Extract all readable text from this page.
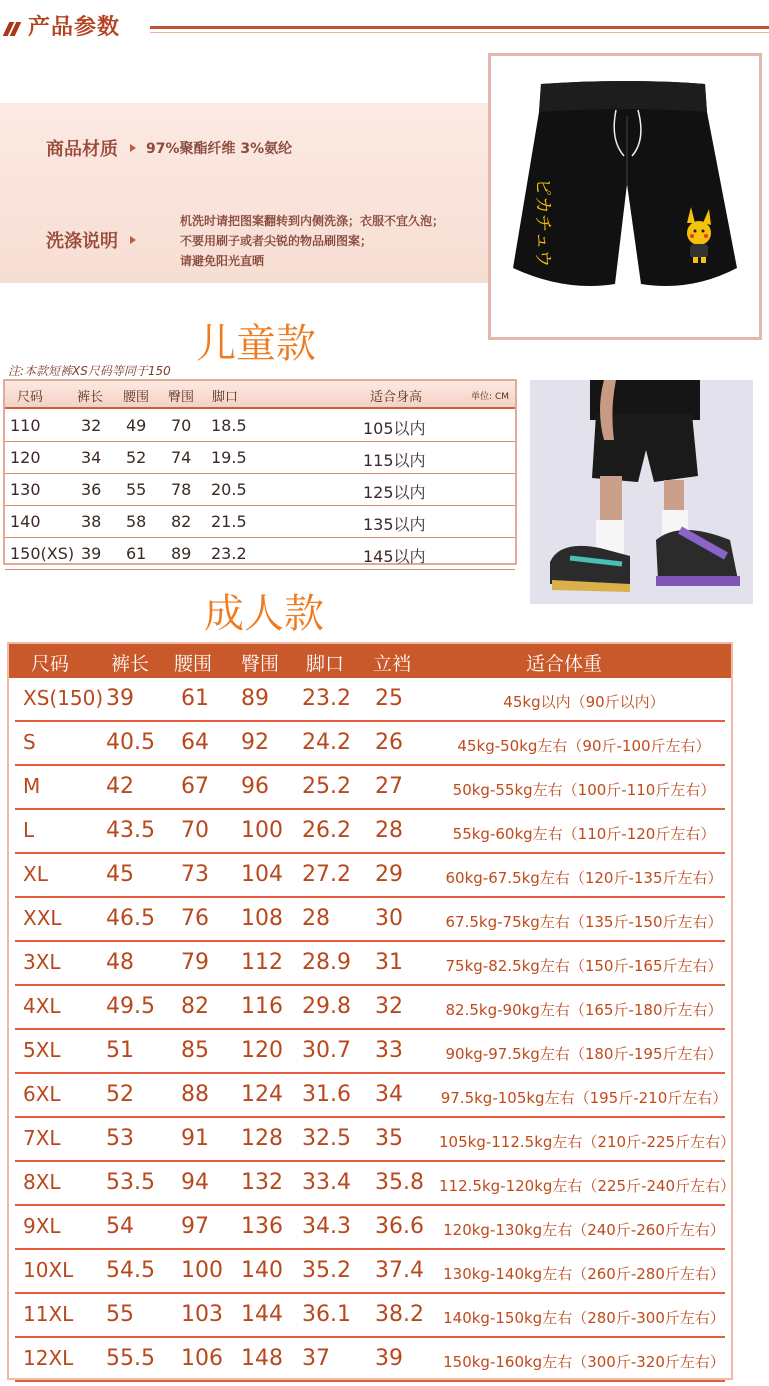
产品参数
商品材质 97%聚酯纤维 3%氨纶
洗涤说明
机洗时请把图案翻转到内侧洗涤；衣服不宜久泡；
不要用刷子或者尖锐的物品刷图案；
请避免阳光直晒	ピカチュウ
儿童款
注:本款短裤XS尺码等同于150
尺码	裤长 腰围 臀围 脚口	适合身高	单位: CM
110	32 49 70 18.5	105以内
120	34 52 74 19.5	115以内
130	36 55 78 20.5	125以内
140	38 58 82 21.5	135以内
150(XS) 39 61 89 23.2	145以内
成人款
尺码 裤长 腰围 臀围 脚口 立裆	适合体重
XS(150) 39 61 89 23.2 25	45kg以内（90斤以内）
S	40.5 64 92 24.2 26	45kg-50kg左右（90斤-100斤左右）
M	42 67 96 25.2 27	50kg-55kg左右（100斤-110斤左右）
L	43.5 70 100 26.2 28	55kg-60kg左右（110斤-120斤左右）
XL	45 73 104 27.2 29	60kg-67.5kg左右（120斤-135斤左右）
XXL 46.5 76 108 28 30	67.5kg-75kg左右（135斤-150斤左右）
3XL 48 79 112 28.9 31	75kg-82.5kg左右（150斤-165斤左右）
4XL 49.5 82 116 29.8 32	82.5kg-90kg左右（165斤-180斤左右）
5XL 51 85 120 30.7 33	90kg-97.5kg左右（180斤-195斤左右）
6XL 52 88 124 31.6 34	97.5kg-105kg左右（195斤-210斤左右）
7XL 53 91 128 32.5 35 105kg-112.5kg左右（210斤-225斤左右）
8XL 53.5 94 132 33.4 35.8 112.5kg-120kg左右（225斤-240斤左右）
9XL 54 97 136 34.3 36.6 120kg-130kg左右（240斤-260斤左右）
10XL 54.5 100 140 35.2 37.4 130kg-140kg左右（260斤-280斤左右）
11XL 55 103 144 36.1 38.2 140kg-150kg左右（280斤-300斤左右）
12XL 55.5 106 148 37 39	150kg-160kg左右（300斤-320斤左右）
